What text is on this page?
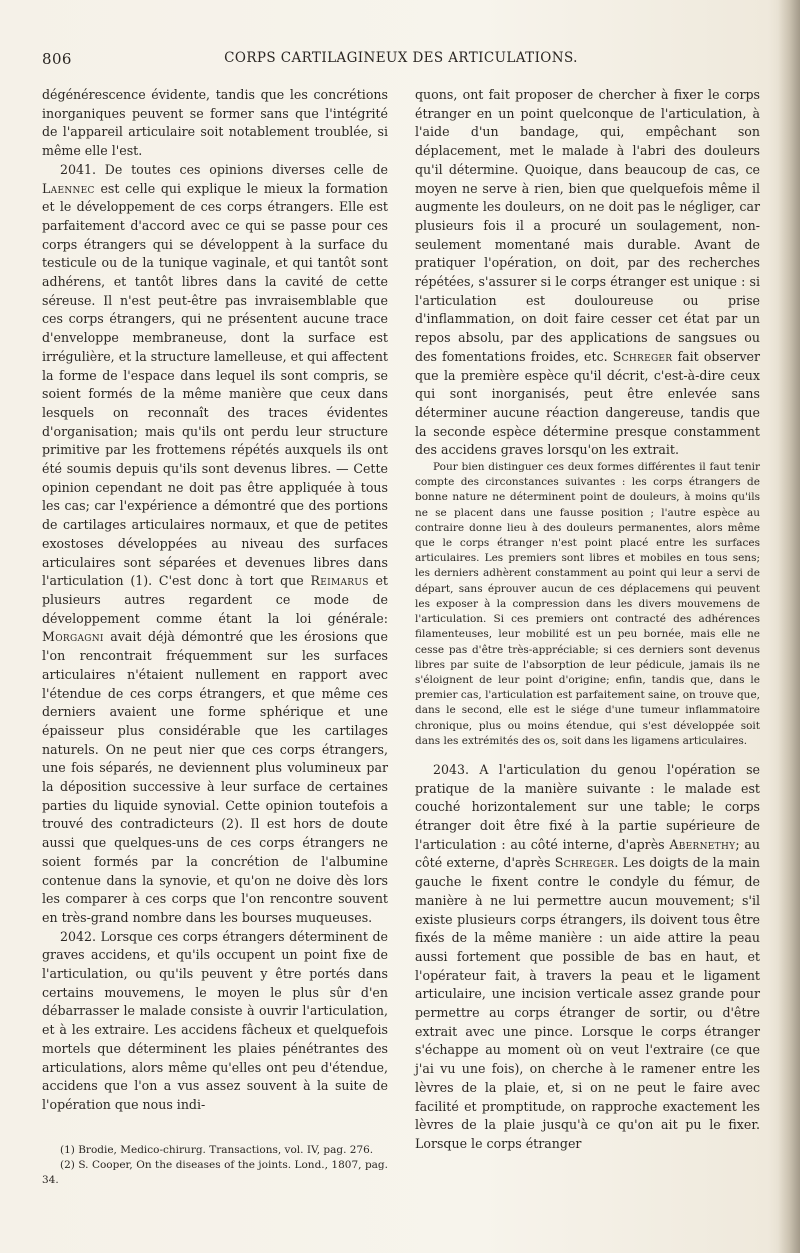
806	CORPS CARTILAGINEUX DES ARTICULATIONS.

dégénérescence évidente, tandis que les concrétions inorganiques peuvent se former sans que l'intégrité de l'appareil articulaire soit notablement troublée, si même elle l'est.

2041. De toutes ces opinions diverses celle de Laennec est celle qui explique le mieux la formation et le développement de ces corps étrangers. Elle est parfaitement d'accord avec ce qui se passe pour ces corps étrangers qui se développent à la surface du testicule ou de la tunique vaginale, et qui tantôt sont adhérens, et tantôt libres dans la cavité de cette séreuse. Il n'est peut-être pas invraisemblable que ces corps étrangers, qui ne présentent aucune trace d'enveloppe membraneuse, dont la surface est irrégulière, et la structure lamelleuse, et qui affectent la forme de l'espace dans lequel ils sont compris, se soient formés de la même manière que ceux dans lesquels on reconnaît des traces évidentes d'organisation; mais qu'ils ont perdu leur structure primitive par les frottemens répétés auxquels ils ont été soumis depuis qu'ils sont devenus libres. — Cette opinion cependant ne doit pas être appliquée à tous les cas; car l'expérience a démontré que des portions de cartilages articulaires normaux, et que de petites exostoses développées au niveau des surfaces articulaires sont séparées et devenues libres dans l'articulation (1). C'est donc à tort que Reimarus et plusieurs autres regardent ce mode de développement comme étant la loi générale: Morgagni avait déjà démontré que les érosions que l'on rencontrait fréquemment sur les surfaces articulaires n'étaient nullement en rapport avec l'étendue de ces corps étrangers, et que même ces derniers avaient une forme sphérique et une épaisseur plus considérable que les cartilages naturels. On ne peut nier que ces corps étrangers, une fois séparés, ne deviennent plus volumineux par la déposition successive à leur surface de certaines parties du liquide synovial. Cette opinion toutefois a trouvé des contradicteurs (2). Il est hors de doute aussi que quelques-uns de ces corps étrangers ne soient formés par la concrétion de l'albumine contenue dans la synovie, et qu'on ne doive dès lors les comparer à ces corps que l'on rencontre souvent en très-grand nombre dans les bourses muqueuses.

2042. Lorsque ces corps étrangers déterminent de graves accidens, et qu'ils occupent un point fixe de l'articulation, ou qu'ils peuvent y être portés dans certains mouvemens, le moyen le plus sûr d'en débarrasser le malade consiste à ouvrir l'articulation, et à les extraire. Les accidens fâcheux et quelquefois mortels que déterminent les plaies pénétrantes des articulations, alors même qu'elles ont peu d'étendue, accidens que l'on a vus assez souvent à la suite de l'opération que nous indi-

(1) Brodie, Medico-chirurg. Transactions, vol. IV, pag. 276.

(2) S. Cooper, On the diseases of the joints. Lond., 1807, pag. 34.

quons, ont fait proposer de chercher à fixer le corps étranger en un point quelconque de l'articulation, à l'aide d'un bandage, qui, empêchant son déplacement, met le malade à l'abri des douleurs qu'il détermine. Quoique, dans beaucoup de cas, ce moyen ne serve à rien, bien que quelquefois même il augmente les douleurs, on ne doit pas le négliger, car plusieurs fois il a procuré un soulagement, non-seulement momentané mais durable. Avant de pratiquer l'opération, on doit, par des recherches répétées, s'assurer si le corps étranger est unique : si l'articulation est douloureuse ou prise d'inflammation, on doit faire cesser cet état par un repos absolu, par des applications de sangsues ou des fomentations froides, etc. Schreger fait observer que la première espèce qu'il décrit, c'est-à-dire ceux qui sont inorganisés, peut être enlevée sans déterminer aucune réaction dangereuse, tandis que la seconde espèce détermine presque constamment des accidens graves lorsqu'on les extrait.

Pour bien distinguer ces deux formes différentes il faut tenir compte des circonstances suivantes : les corps étrangers de bonne nature ne déterminent point de douleurs, à moins qu'ils ne se placent dans une fausse position ; l'autre espèce au contraire donne lieu à des douleurs permanentes, alors même que le corps étranger n'est point placé entre les surfaces articulaires. Les premiers sont libres et mobiles en tous sens; les derniers adhèrent constamment au point qui leur a servi de départ, sans éprouver aucun de ces déplacemens qui peuvent les exposer à la compression dans les divers mouvemens de l'articulation. Si ces premiers ont contracté des adhérences filamenteuses, leur mobilité est un peu bornée, mais elle ne cesse pas d'être très-appréciable; si ces derniers sont devenus libres par suite de l'absorption de leur pédicule, jamais ils ne s'éloignent de leur point d'origine; enfin, tandis que, dans le premier cas, l'articulation est parfaitement saine, on trouve que, dans le second, elle est le siége d'une tumeur inflammatoire chronique, plus ou moins étendue, qui s'est développée soit dans les extrémités des os, soit dans les ligamens articulaires.

2043. A l'articulation du genou l'opération se pratique de la manière suivante : le malade est couché horizontalement sur une table; le corps étranger doit être fixé à la partie supérieure de l'articulation : au côté interne, d'après Abernethy; au côté externe, d'après Schreger. Les doigts de la main gauche le fixent contre le condyle du fémur, de manière à ne lui permettre aucun mouvement; s'il existe plusieurs corps étrangers, ils doivent tous être fixés de la même manière : un aide attire la peau aussi fortement que possible de bas en haut, et l'opérateur fait, à travers la peau et le ligament articulaire, une incision verticale assez grande pour permettre au corps étranger de sortir, ou d'être extrait avec une pince. Lorsque le corps étranger s'échappe au moment où on veut l'extraire (ce que j'ai vu une fois), on cherche à le ramener entre les lèvres de la plaie, et, si on ne peut le faire avec facilité et promptitude, on rapproche exactement les lèvres de la plaie jusqu'à ce qu'on ait pu le fixer. Lorsque le corps étranger
